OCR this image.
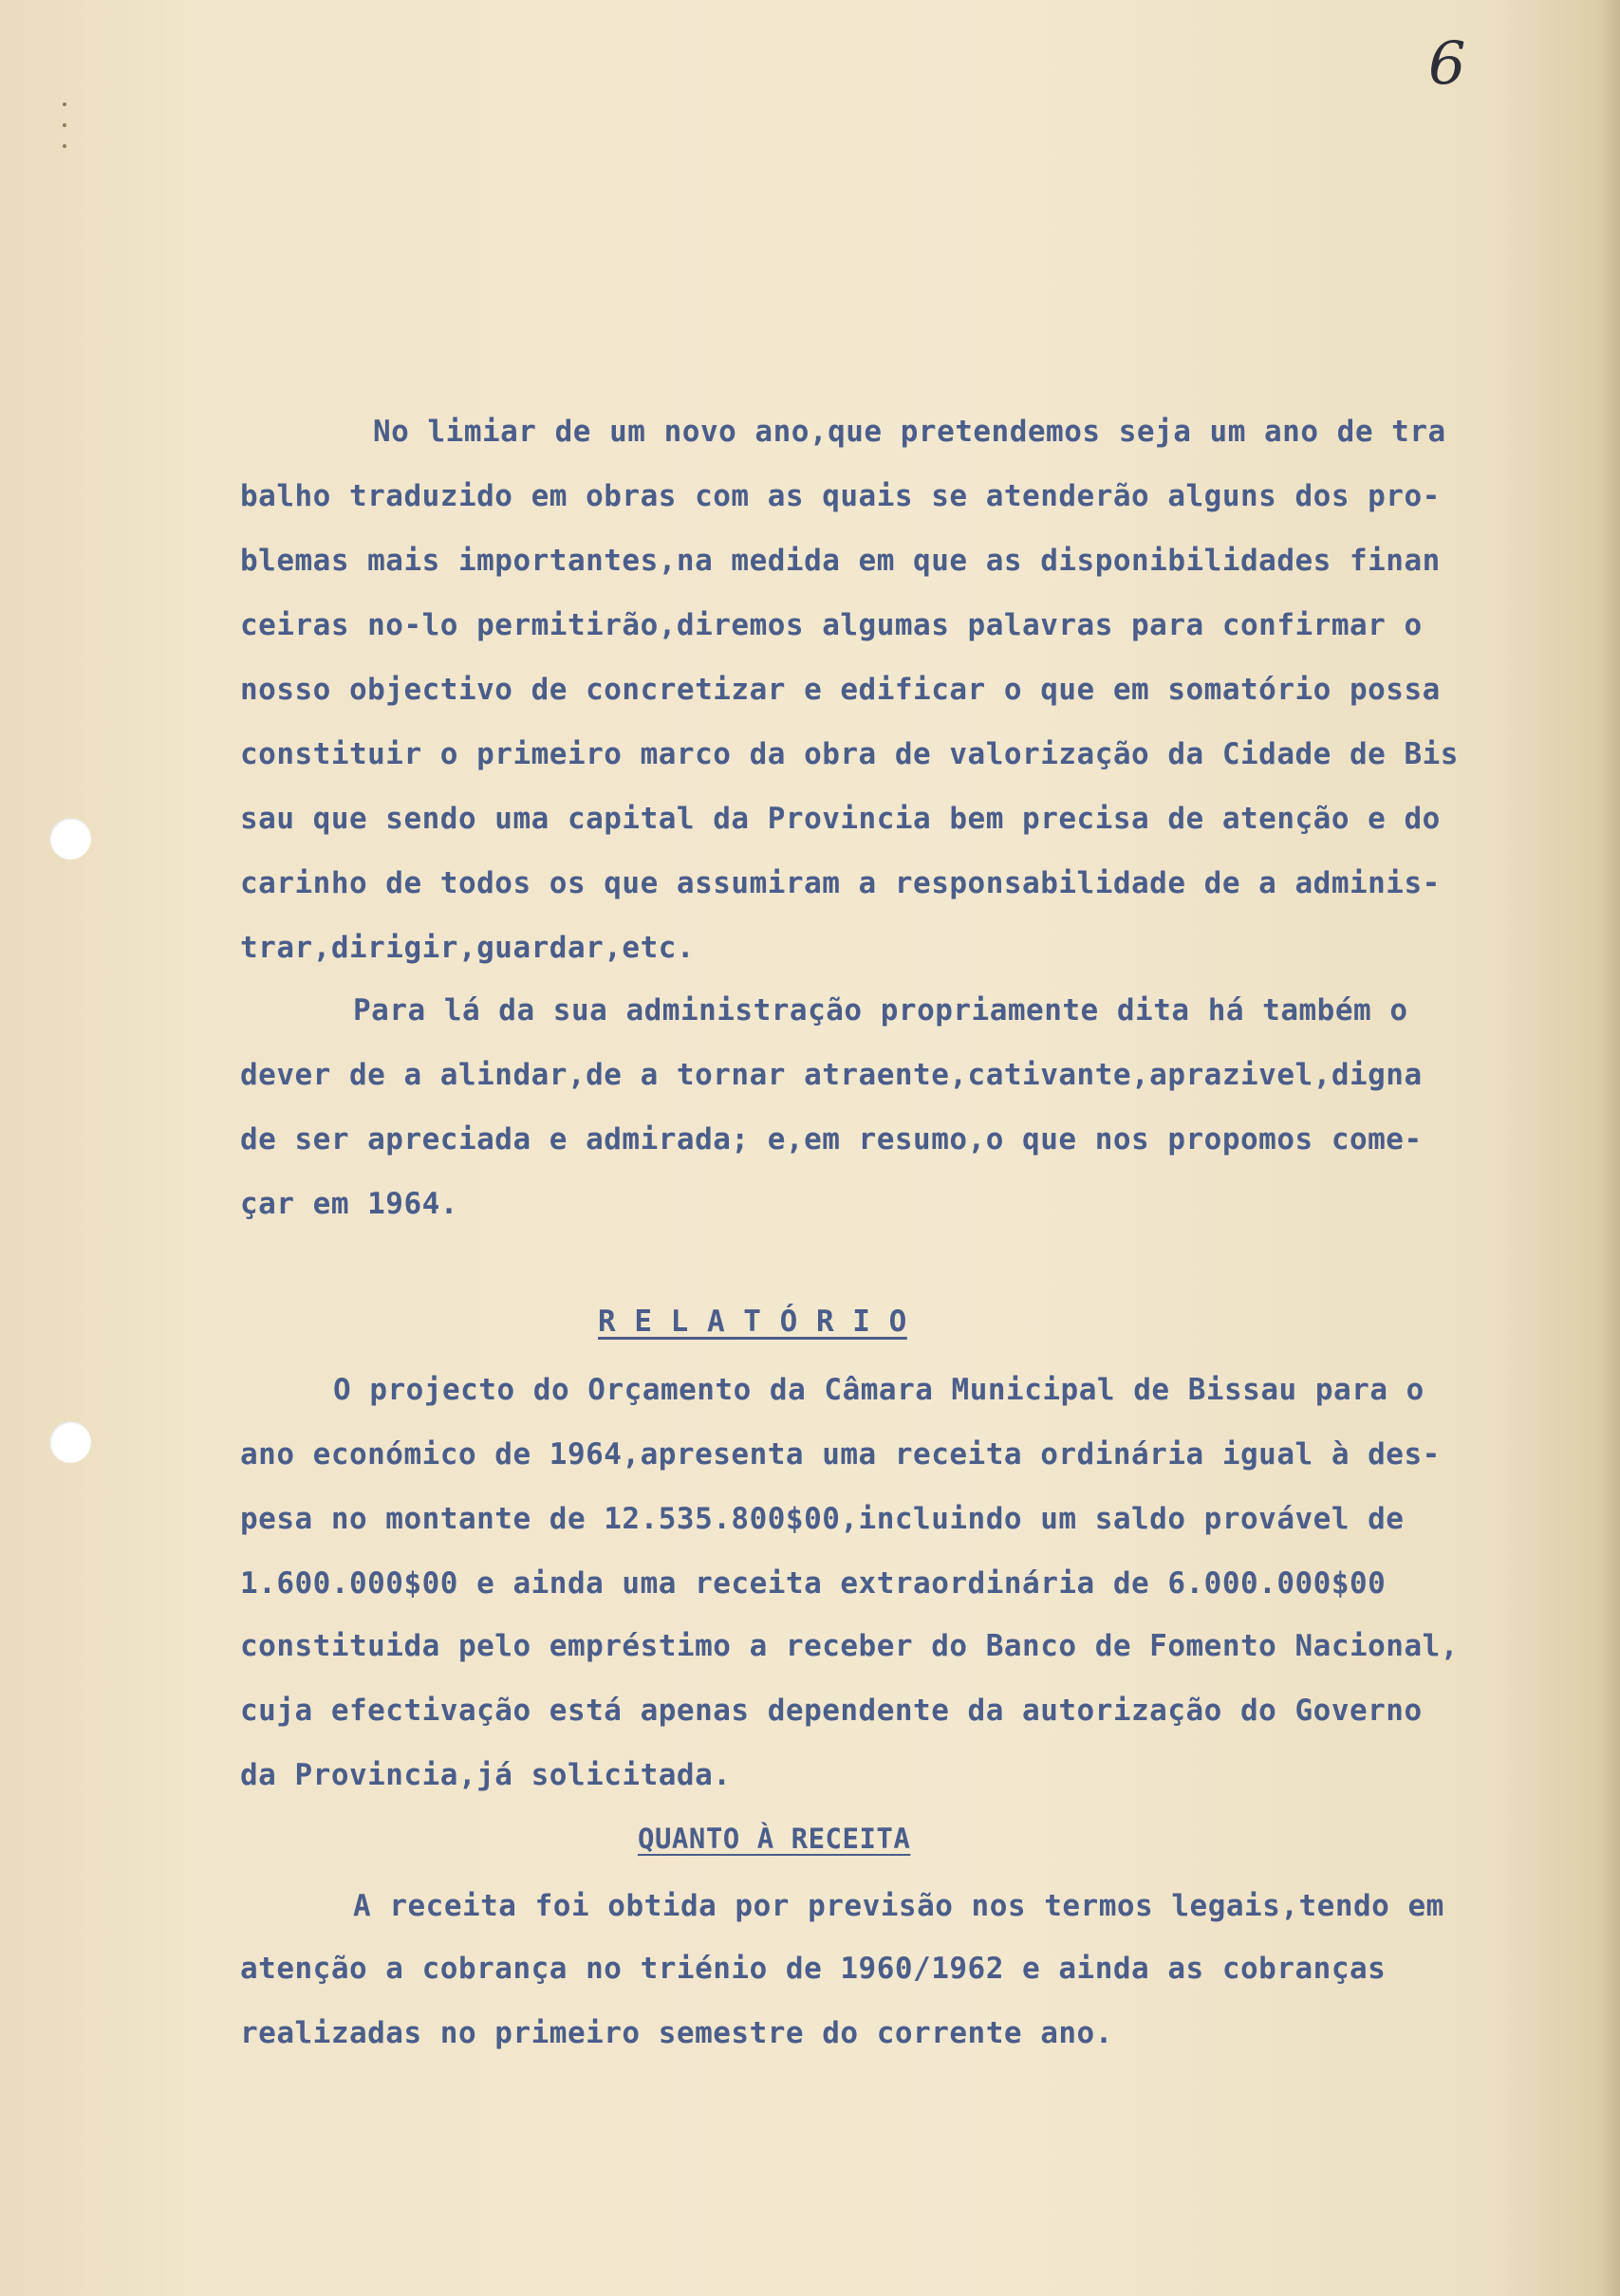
6
No limiar de um novo ano,que pretendemos seja um ano de tra
balho traduzido em obras com as quais se atenderão alguns dos pro-
blemas mais importantes,na medida em que as disponibilidades finan
ceiras no-lo permitirão,diremos algumas palavras para confirmar o
nosso objectivo de concretizar e edificar o que em somatório possa
constituir o primeiro marco da obra de valorização da Cidade de Bis
sau que sendo uma capital da Provincia bem precisa de atenção e do
carinho de todos os que assumiram a responsabilidade de a adminis-
trar,dirigir,guardar,etc.
Para lá da sua administração propriamente dita há também o
dever de a alindar,de a tornar atraente,cativante,aprazivel,digna
de ser apreciada e admirada; e,em resumo,o que nos propomos come-
çar em 1964.
R E L A T Ó R I O
O projecto do Orçamento da Câmara Municipal de Bissau para o
ano económico de 1964,apresenta uma receita ordinária igual à des-
pesa no montante de 12.535.800$00,incluindo um saldo provável de
1.600.000$00 e ainda uma receita extraordinária de 6.000.000$00
constituida pelo empréstimo a receber do Banco de Fomento Nacional,
cuja efectivação está apenas dependente da autorização do Governo
da Provincia,já solicitada.
QUANTO À RECEITA
A receita foi obtida por previsão nos termos legais,tendo em
atenção a cobrança no triénio de 1960/1962 e ainda as cobranças
realizadas no primeiro semestre do corrente ano.
